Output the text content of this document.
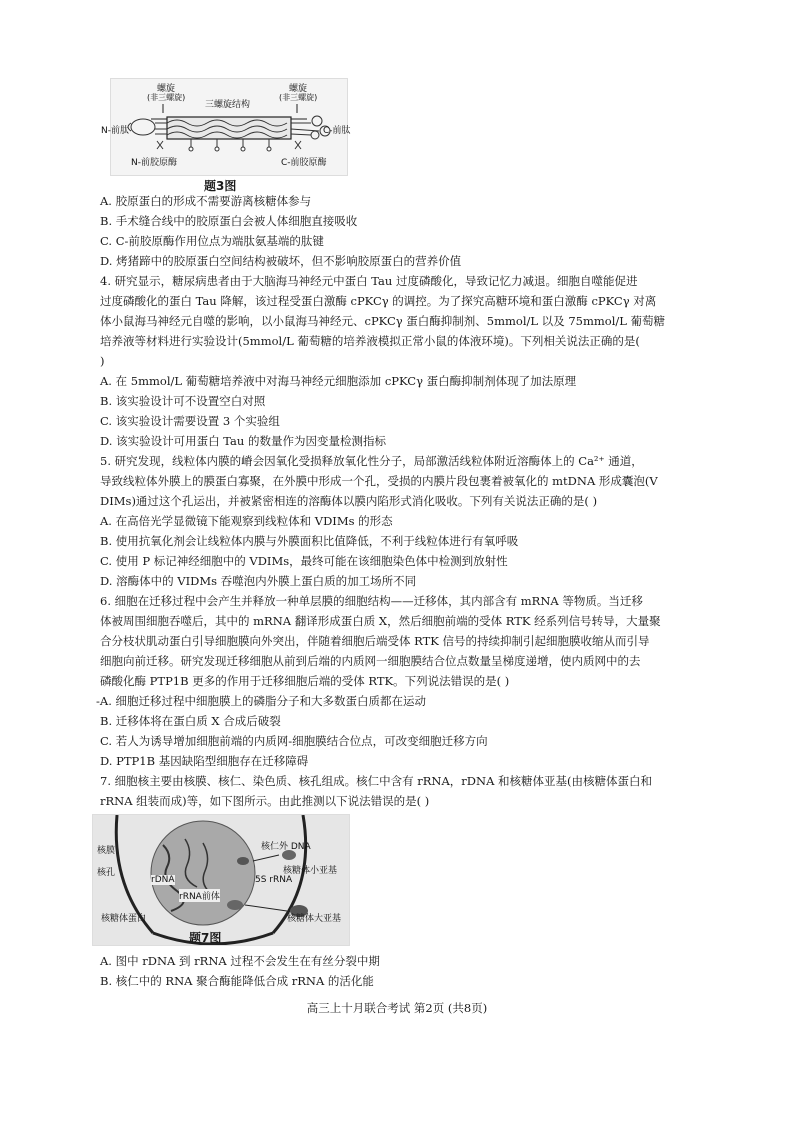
N-前肽	C-前肽
螺旋
(非三螺旋)
三螺旋结构
螺旋
(非三螺旋)
N-前胶原酶	C-前胶原酶
题3图
A. 胶原蛋白的形成不需要游离核糖体参与
B. 手术缝合线中的胶原蛋白会被人体细胞直接吸收
C. C-前胶原酶作用位点为端肽氨基端的肽键
D. 烤猪蹄中的胶原蛋白空间结构被破坏，但不影响胶原蛋白的营养价值
4. 研究显示，糖尿病患者由于大脑海马神经元中蛋白 Tau 过度磷酸化，导致记忆力减退。细胞自噬能促进
过度磷酸化的蛋白 Tau 降解，该过程受蛋白激酶 cPKCγ 的调控。为了探究高糖环境和蛋白激酶 cPKCγ 对离
体小鼠海马神经元自噬的影响，以小鼠海马神经元、cPKCγ 蛋白酶抑制剂、5mmol/L 以及 75mmol/L 葡萄糖
培养液等材料进行实验设计(5mmol/L 葡萄糖的培养液模拟正常小鼠的体液环境)。下列相关说法正确的是(
)
A. 在 5mmol/L 葡萄糖培养液中对海马神经元细胞添加 cPKCγ 蛋白酶抑制剂体现了加法原理
B. 该实验设计可不设置空白对照
C. 该实验设计需要设置 3 个实验组
D. 该实验设计可用蛋白 Tau 的数量作为因变量检测指标
5. 研究发现，线粒体内膜的嵴会因氧化受损释放氧化性分子，局部激活线粒体附近溶酶体上的 Ca²⁺ 通道，
导致线粒体外膜上的膜蛋白寡聚，在外膜中形成一个孔，受损的内膜片段包裹着被氧化的 mtDNA 形成囊泡(V
DIMs)通过这个孔运出，并被紧密相连的溶酶体以膜内陷形式消化吸收。下列有关说法正确的是( )
A. 在高倍光学显微镜下能观察到线粒体和 VDIMs 的形态
B. 使用抗氧化剂会让线粒体内膜与外膜面积比值降低，不利于线粒体进行有氧呼吸
C. 使用 P 标记神经细胞中的 VDIMs，最终可能在该细胞染色体中检测到放射性
D. 溶酶体中的 VIDMs 吞噬泡内外膜上蛋白质的加工场所不同
6. 细胞在迁移过程中会产生并释放一种单层膜的细胞结构——迁移体，其内部含有 mRNA 等物质。当迁移
体被周围细胞吞噬后，其中的 mRNA 翻译形成蛋白质 X，然后细胞前端的受体 RTK 经系列信号转导，大量聚
合分枝状肌动蛋白引导细胞膜向外突出，伴随着细胞后端受体 RTK 信号的持续抑制引起细胞膜收缩从而引导
细胞向前迁移。研究发现迁移细胞从前到后端的内质网一细胞膜结合位点数量呈梯度递增，使内质网中的去
磷酸化酶 PTP1B 更多的作用于迁移细胞后端的受体 RTK。下列说法错误的是( )
-A. 细胞迁移过程中细胞膜上的磷脂分子和大多数蛋白质都在运动
B. 迁移体将在蛋白质 X 合成后破裂
C. 若人为诱导增加细胞前端的内质网-细胞膜结合位点，可改变细胞迁移方向
D. PTP1B 基因缺陷型细胞存在迁移障碍
7. 细胞核主要由核膜、核仁、染色质、核孔组成。核仁中含有 rRNA，rDNA 和核糖体亚基(由核糖体蛋白和
rRNA 组装而成)等，如下图所示。由此推测以下说法错误的是( )
核膜
核孔
核仁外 DNA
核糖体小亚基
5S rRNA
rDNA
rRNA前体
核糖体蛋白	核糖体大亚基
题7图
A. 图中 rDNA 到 rRNA 过程不会发生在有丝分裂中期
B. 核仁中的 RNA 聚合酶能降低合成 rRNA 的活化能
高三上十月联合考试 第2页 (共8页)
